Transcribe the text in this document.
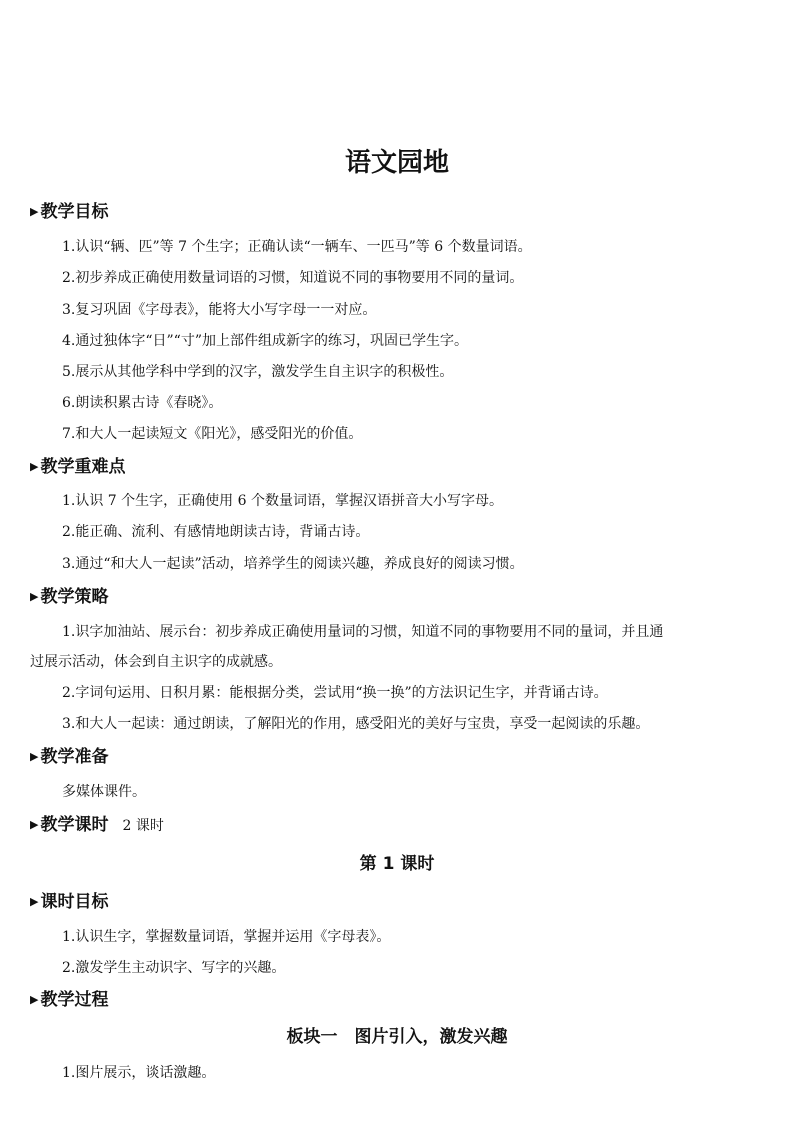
语文园地
▶ 教学目标
1.认识“辆、匹”等 7 个生字；正确认读“一辆车、一匹马”等 6 个数量词语。
2.初步养成正确使用数量词语的习惯，知道说不同的事物要用不同的量词。
3.复习巩固《字母表》，能将大小写字母一一对应。
4.通过独体字“日”“寸”加上部件组成新字的练习，巩固已学生字。
5.展示从其他学科中学到的汉字，激发学生自主识字的积极性。
6.朗读积累古诗《春晓》。
7.和大人一起读短文《阳光》，感受阳光的价值。
▶ 教学重难点
1.认识 7 个生字，正确使用 6 个数量词语，掌握汉语拼音大小写字母。
2.能正确、流利、有感情地朗读古诗，背诵古诗。
3.通过“和大人一起读”活动，培养学生的阅读兴趣，养成良好的阅读习惯。
▶ 教学策略
1.识字加油站、展示台：初步养成正确使用量词的习惯，知道不同的事物要用不同的量词，并且通
过展示活动，体会到自主识字的成就感。
2.字词句运用、日积月累：能根据分类，尝试用“换一换”的方法识记生字，并背诵古诗。
3.和大人一起读：通过朗读，了解阳光的作用，感受阳光的美好与宝贵，享受一起阅读的乐趣。
▶ 教学准备
多媒体课件。
▶ 教学课时 2 课时
第 1 课时
▶ 课时目标
1.认识生字，掌握数量词语，掌握并运用《字母表》。
2.激发学生主动识字、写字的兴趣。
▶ 教学过程
板块一　图片引入，激发兴趣
1.图片展示，谈话激趣。
